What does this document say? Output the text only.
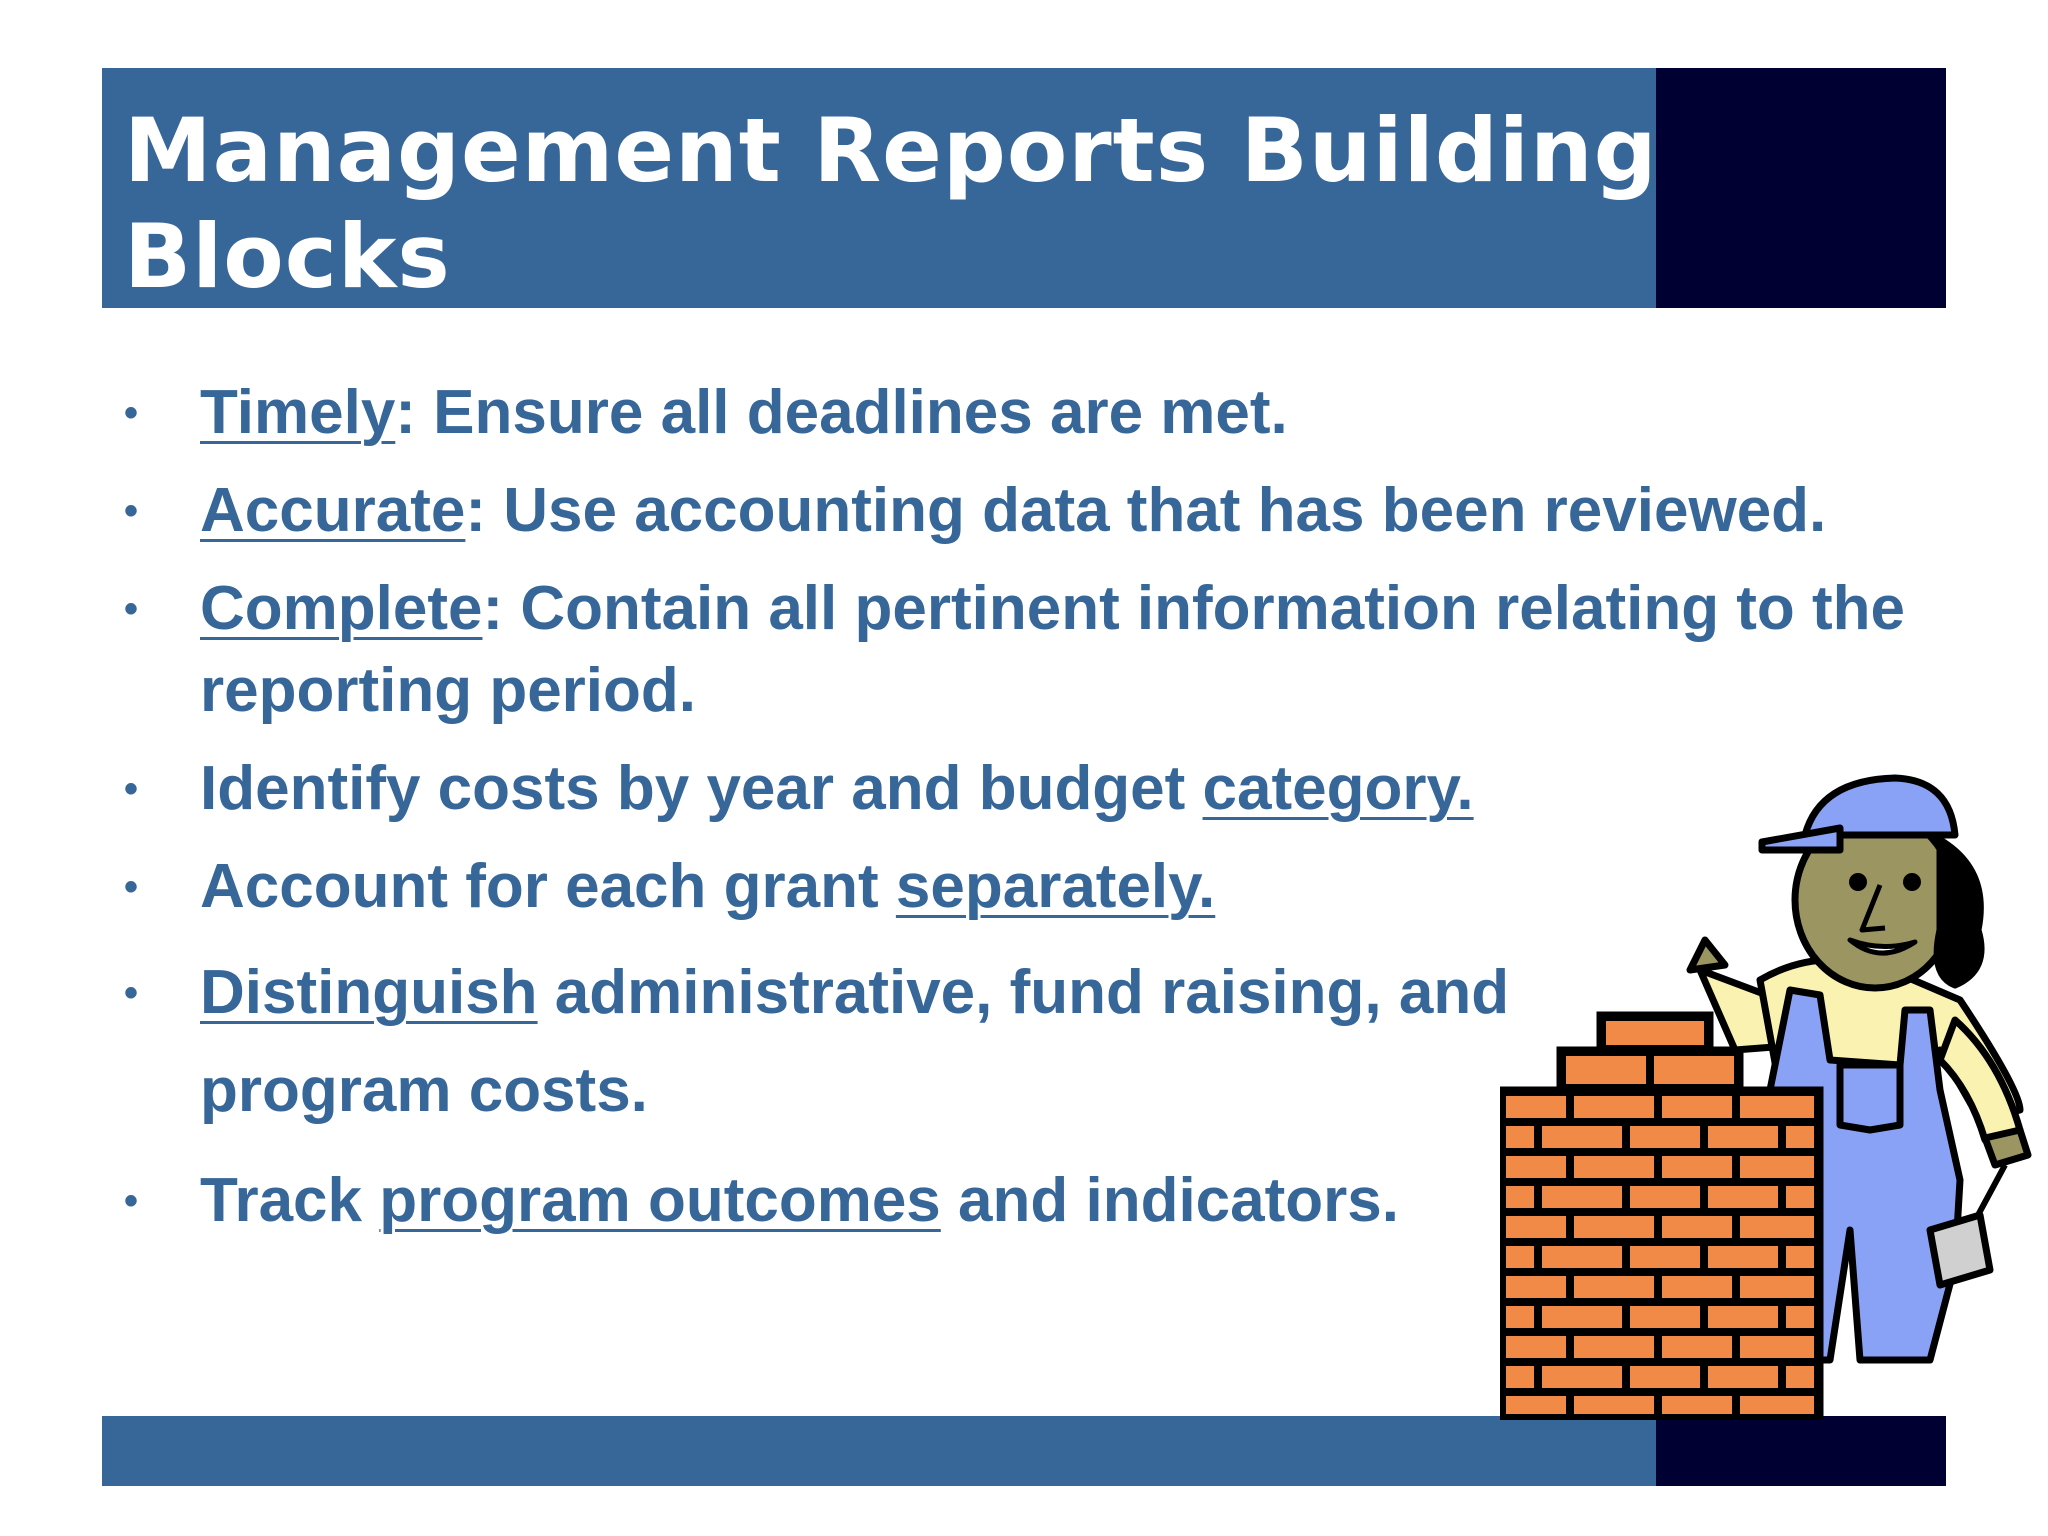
Management Reports Building Blocks
• Timely: Ensure all deadlines are met.
• Accurate: Use accounting data that has been reviewed.
• Complete: Contain all pertinent information relating to the reporting period.
• Identify costs by year and budget category.
• Account for each grant separately.
• Distinguish administrative, fund raising, and program costs.
• Track program outcomes and indicators.
